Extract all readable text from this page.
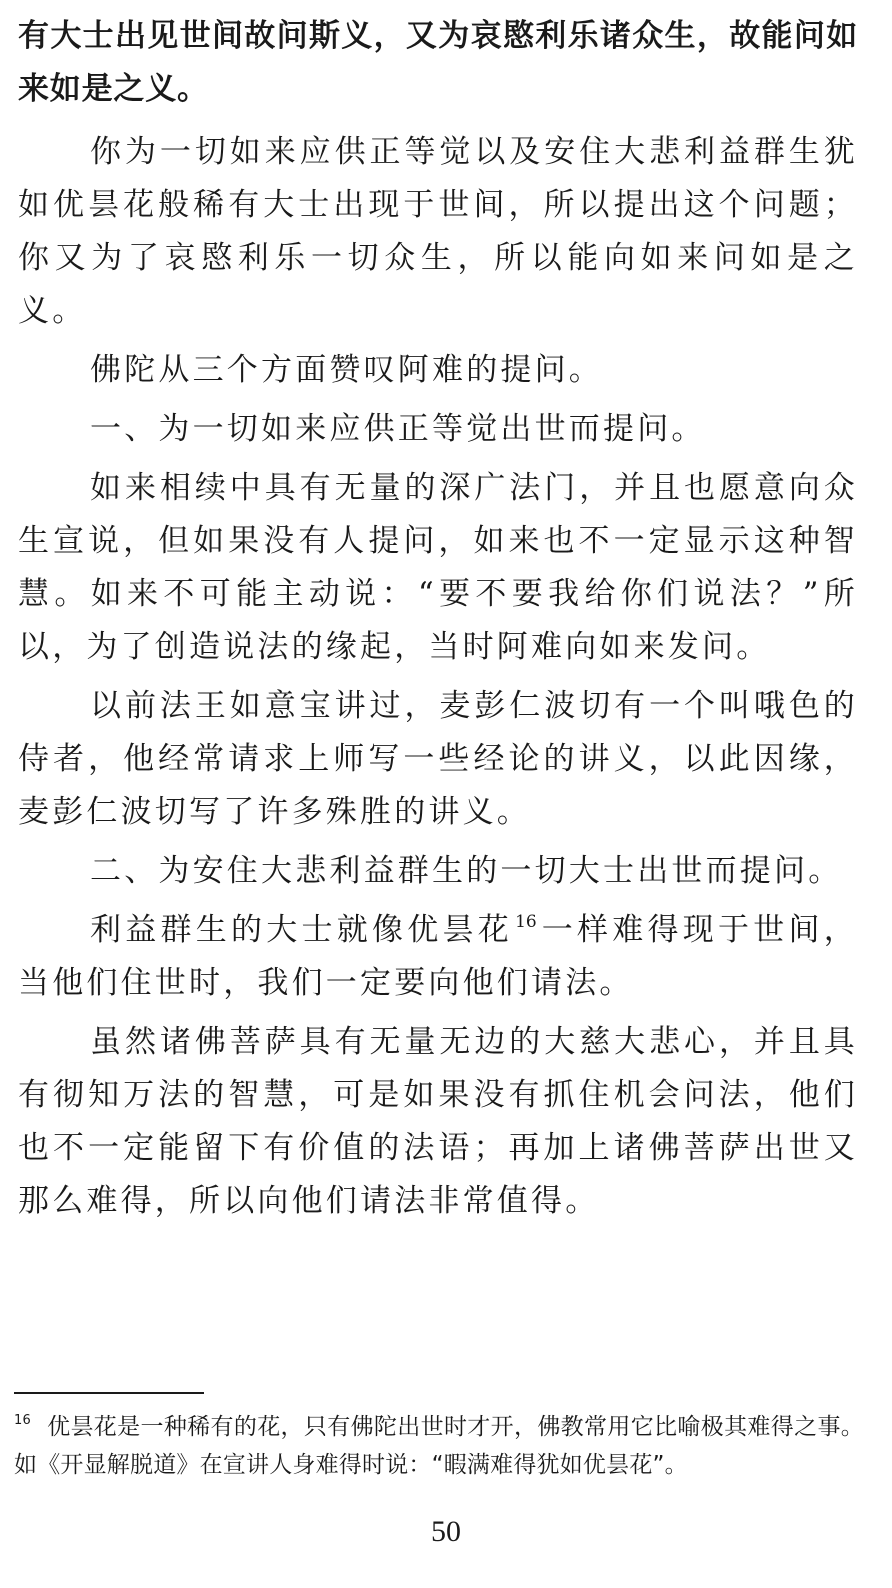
有大士出见世间故问斯义，又为哀愍利乐诸众生，故能问如来如是之义。

你为一切如来应供正等觉以及安住大悲利益群生犹如优昙花般稀有大士出现于世间，所以提出这个问题；你又为了哀愍利乐一切众生，所以能向如来问如是之义。

佛陀从三个方面赞叹阿难的提问。

一、为一切如来应供正等觉出世而提问。

如来相续中具有无量的深广法门，并且也愿意向众生宣说，但如果没有人提问，如来也不一定显示这种智慧。如来不可能主动说：“要不要我给你们说法？”所以，为了创造说法的缘起，当时阿难向如来发问。

以前法王如意宝讲过，麦彭仁波切有一个叫哦色的侍者，他经常请求上师写一些经论的讲义，以此因缘，麦彭仁波切写了许多殊胜的讲义。

二、为安住大悲利益群生的一切大士出世而提问。

利益群生的大士就像优昙花 $^{16}$ 一样难得现于世间，当他们住世时，我们一定要向他们请法。

虽然诸佛菩萨具有无量无边的大慈大悲心，并且具有彻知万法的智慧，可是如果没有抓住机会问法，他们也不一定能留下有价值的法语；再加上诸佛菩萨出世又那么难得，所以向他们请法非常值得。

$^{16}$ 优昙花是一种稀有的花，只有佛陀出世时才开，佛教常用它比喻极其难得之事。如《开显解脱道》在宣讲人身难得时说：“暇满难得犹如优昙花”。

50
